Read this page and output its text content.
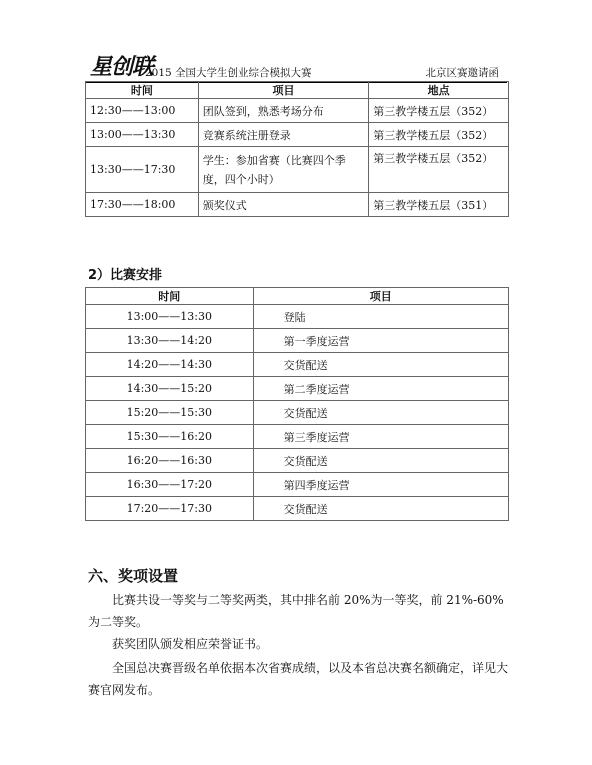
星创联
2015 全国大学生创业综合模拟大赛	北京区赛邀请函
时间	项目	地点
12:30——13:00	团队签到，熟悉考场分布	第三教学楼五层（352）
13:00——13:30	竞赛系统注册登录	第三教学楼五层（352）
13:30——17:30	学生：参加省赛（比赛四个季度，四个小时）	第三教学楼五层（352）
17:30——18:00	颁奖仪式	第三教学楼五层（351）
2）比赛安排
时间	项目
13:00——13:30	登陆
13:30——14:20	第一季度运营
14:20——14:30	交货配送
14:30——15:20	第二季度运营
15:20——15:30	交货配送
15:30——16:20	第三季度运营
16:20——16:30	交货配送
16:30——17:20	第四季度运营
17:20——17:30	交货配送
六、奖项设置

比赛共设一等奖与二等奖两类，其中排名前 20%为一等奖，前 21%-60%为二等奖。

获奖团队颁发相应荣誉证书。

全国总决赛晋级名单依据本次省赛成绩，以及本省总决赛名额确定，详见大赛官网发布。
